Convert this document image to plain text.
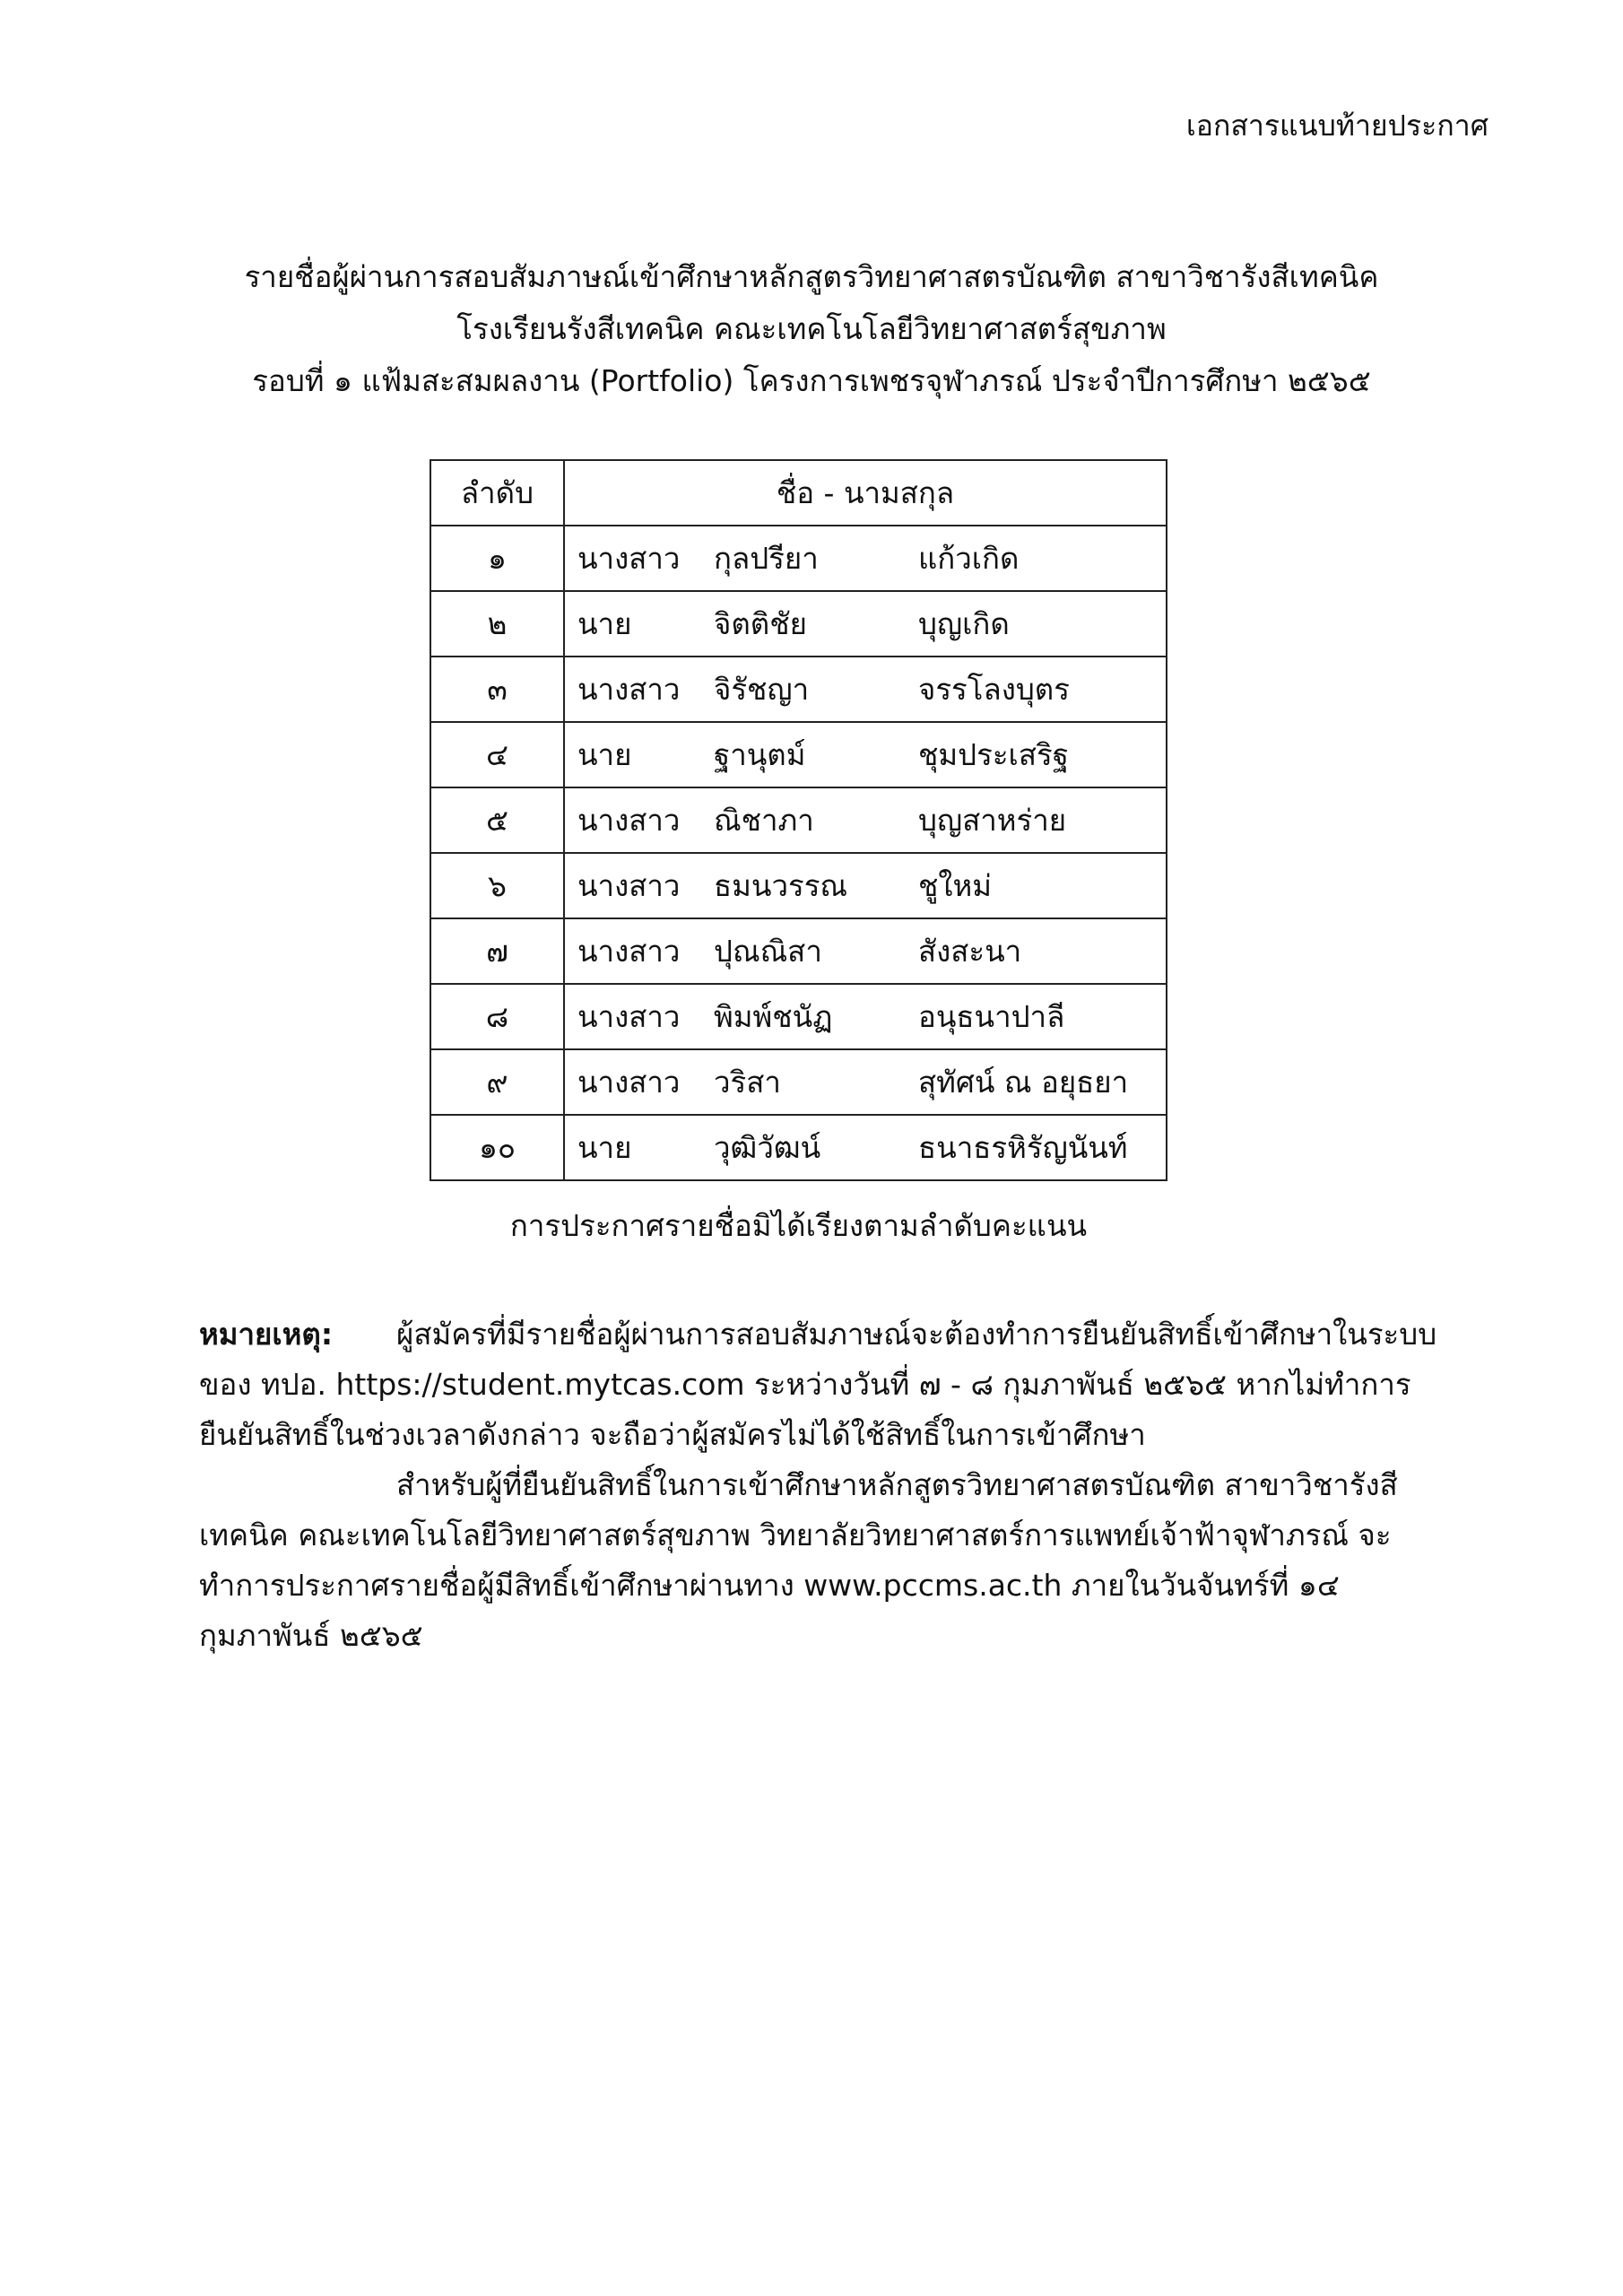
เอกสารแนบท้ายประกาศ
รายชื่อผู้ผ่านการสอบสัมภาษณ์เข้าศึกษาหลักสูตรวิทยาศาสตรบัณฑิต สาขาวิชารังสีเทคนิค
โรงเรียนรังสีเทคนิค คณะเทคโนโลยีวิทยาศาสตร์สุขภาพ
รอบที่ ๑ แฟ้มสะสมผลงาน (Portfolio) โครงการเพชรจุฬาภรณ์ ประจำปีการศึกษา ๒๕๖๕
ลำดับ	ชื่อ - นามสกุล
๑	นางสาว กุลปรียา แก้วเกิด
๒	นาย จิตติชัย บุญเกิด
๓	นางสาว จิรัชญา จรรโลงบุตร
๔	นาย ฐานุตม์ ชุมประเสริฐ
๕	นางสาว ณิชาภา บุญสาหร่าย
๖	นางสาว ธมนวรรณ ชูใหม่
๗	นางสาว ปุณณิสา สังสะนา
๘	นางสาว พิมพ์ชนัฏ อนุธนาปาลี
๙	นางสาว วริสา สุทัศน์ ณ อยุธยา
๑๐	นาย วุฒิวัฒน์ ธนาธรหิรัญนันท์
การประกาศรายชื่อมิได้เรียงตามลำดับคะแนน

หมายเหตุ: ผู้สมัครที่มีรายชื่อผู้ผ่านการสอบสัมภาษณ์จะต้องทำการยืนยันสิทธิ์เข้าศึกษาในระบบของ ทปอ. https://student.mytcas.com ระหว่างวันที่ ๗ - ๘ กุมภาพันธ์ ๒๕๖๕ หากไม่ทำการยืนยันสิทธิ์ในช่วงเวลาดังกล่าว จะถือว่าผู้สมัครไม่ได้ใช้สิทธิ์ในการเข้าศึกษา

สำหรับผู้ที่ยืนยันสิทธิ์ในการเข้าศึกษาหลักสูตรวิทยาศาสตรบัณฑิต สาขาวิชารังสีเทคนิค คณะเทคโนโลยีวิทยาศาสตร์สุขภาพ วิทยาลัยวิทยาศาสตร์การแพทย์เจ้าฟ้าจุฬาภรณ์ จะทำการประกาศรายชื่อผู้มีสิทธิ์เข้าศึกษาผ่านทาง www.pccms.ac.th ภายในวันจันทร์ที่ ๑๔ กุมภาพันธ์ ๒๕๖๕
